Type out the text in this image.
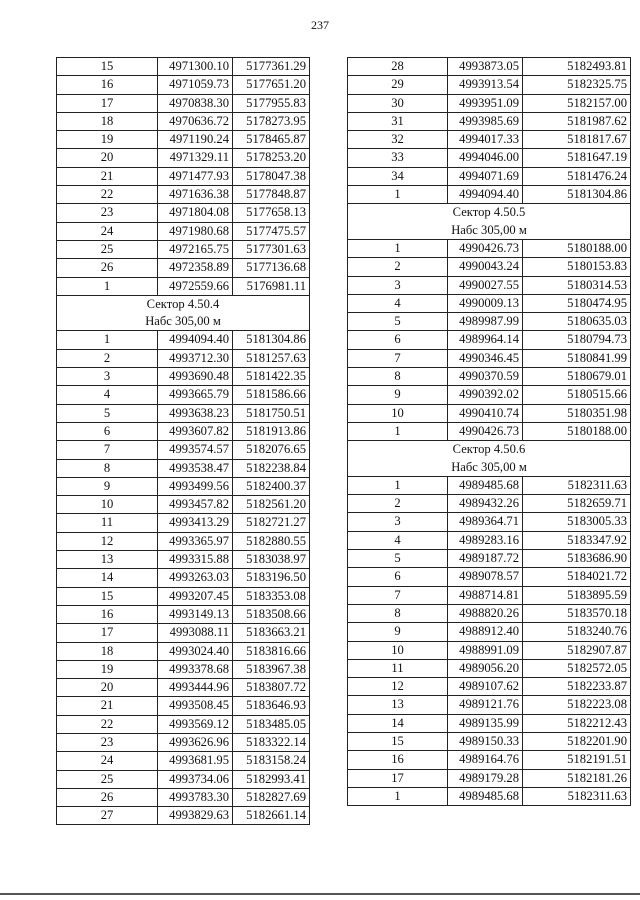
237
15	4971300.10	5177361.29
16	4971059.73	5177651.20
17	4970838.30	5177955.83
18	4970636.72	5178273.95
19	4971190.24	5178465.87
20	4971329.11	5178253.20
21	4971477.93	5178047.38
22	4971636.38	5177848.87
23	4971804.08	5177658.13
24	4971980.68	5177475.57
25	4972165.75	5177301.63
26	4972358.89	5177136.68
1	4972559.66	5176981.11

Сектор 4.50.4
Набс 305,00 м		

1	4994094.40	5181304.86
2	4993712.30	5181257.63
3	4993690.48	5181422.35
4	4993665.79	5181586.66
5	4993638.23	5181750.51
6	4993607.82	5181913.86
7	4993574.57	5182076.65
8	4993538.47	5182238.84
9	4993499.56	5182400.37
10	4993457.82	5182561.20
11	4993413.29	5182721.27
12	4993365.97	5182880.55
13	4993315.88	5183038.97
14	4993263.03	5183196.50
15	4993207.45	5183353.08
16	4993149.13	5183508.66
17	4993088.11	5183663.21
18	4993024.40	5183816.66
19	4993378.68	5183967.38
20	4993444.96	5183807.72
21	4993508.45	5183646.93
22	4993569.12	5183485.05
23	4993626.96	5183322.14
24	4993681.95	5183158.24
25	4993734.06	5182993.41
26	4993783.30	5182827.69
27	4993829.63	5182661.14
28	4993873.05	5182493.81
29	4993913.54	5182325.75
30	4993951.09	5182157.00
31	4993985.69	5181987.62
32	4994017.33	5181817.67
33	4994046.00	5181647.19
34	4994071.69	5181476.24
1	4994094.40	5181304.86

Сектор 4.50.5
Набс 305,00 м		

1	4990426.73	5180188.00
2	4990043.24	5180153.83
3	4990027.55	5180314.53
4	4990009.13	5180474.95
5	4989987.99	5180635.03
6	4989964.14	5180794.73
7	4990346.45	5180841.99
8	4990370.59	5180679.01
9	4990392.02	5180515.66
10	4990410.74	5180351.98
1	4990426.73	5180188.00

Сектор 4.50.6
Набс 305,00 м		

1	4989485.68	5182311.63
2	4989432.26	5182659.71
3	4989364.71	5183005.33
4	4989283.16	5183347.92
5	4989187.72	5183686.90
6	4989078.57	5184021.72
7	4988714.81	5183895.59
8	4988820.26	5183570.18
9	4988912.40	5183240.76
10	4988991.09	5182907.87
11	4989056.20	5182572.05
12	4989107.62	5182233.87
13	4989121.76	5182223.08
14	4989135.99	5182212.43
15	4989150.33	5182201.90
16	4989164.76	5182191.51
17	4989179.28	5182181.26
1	4989485.68	5182311.63
